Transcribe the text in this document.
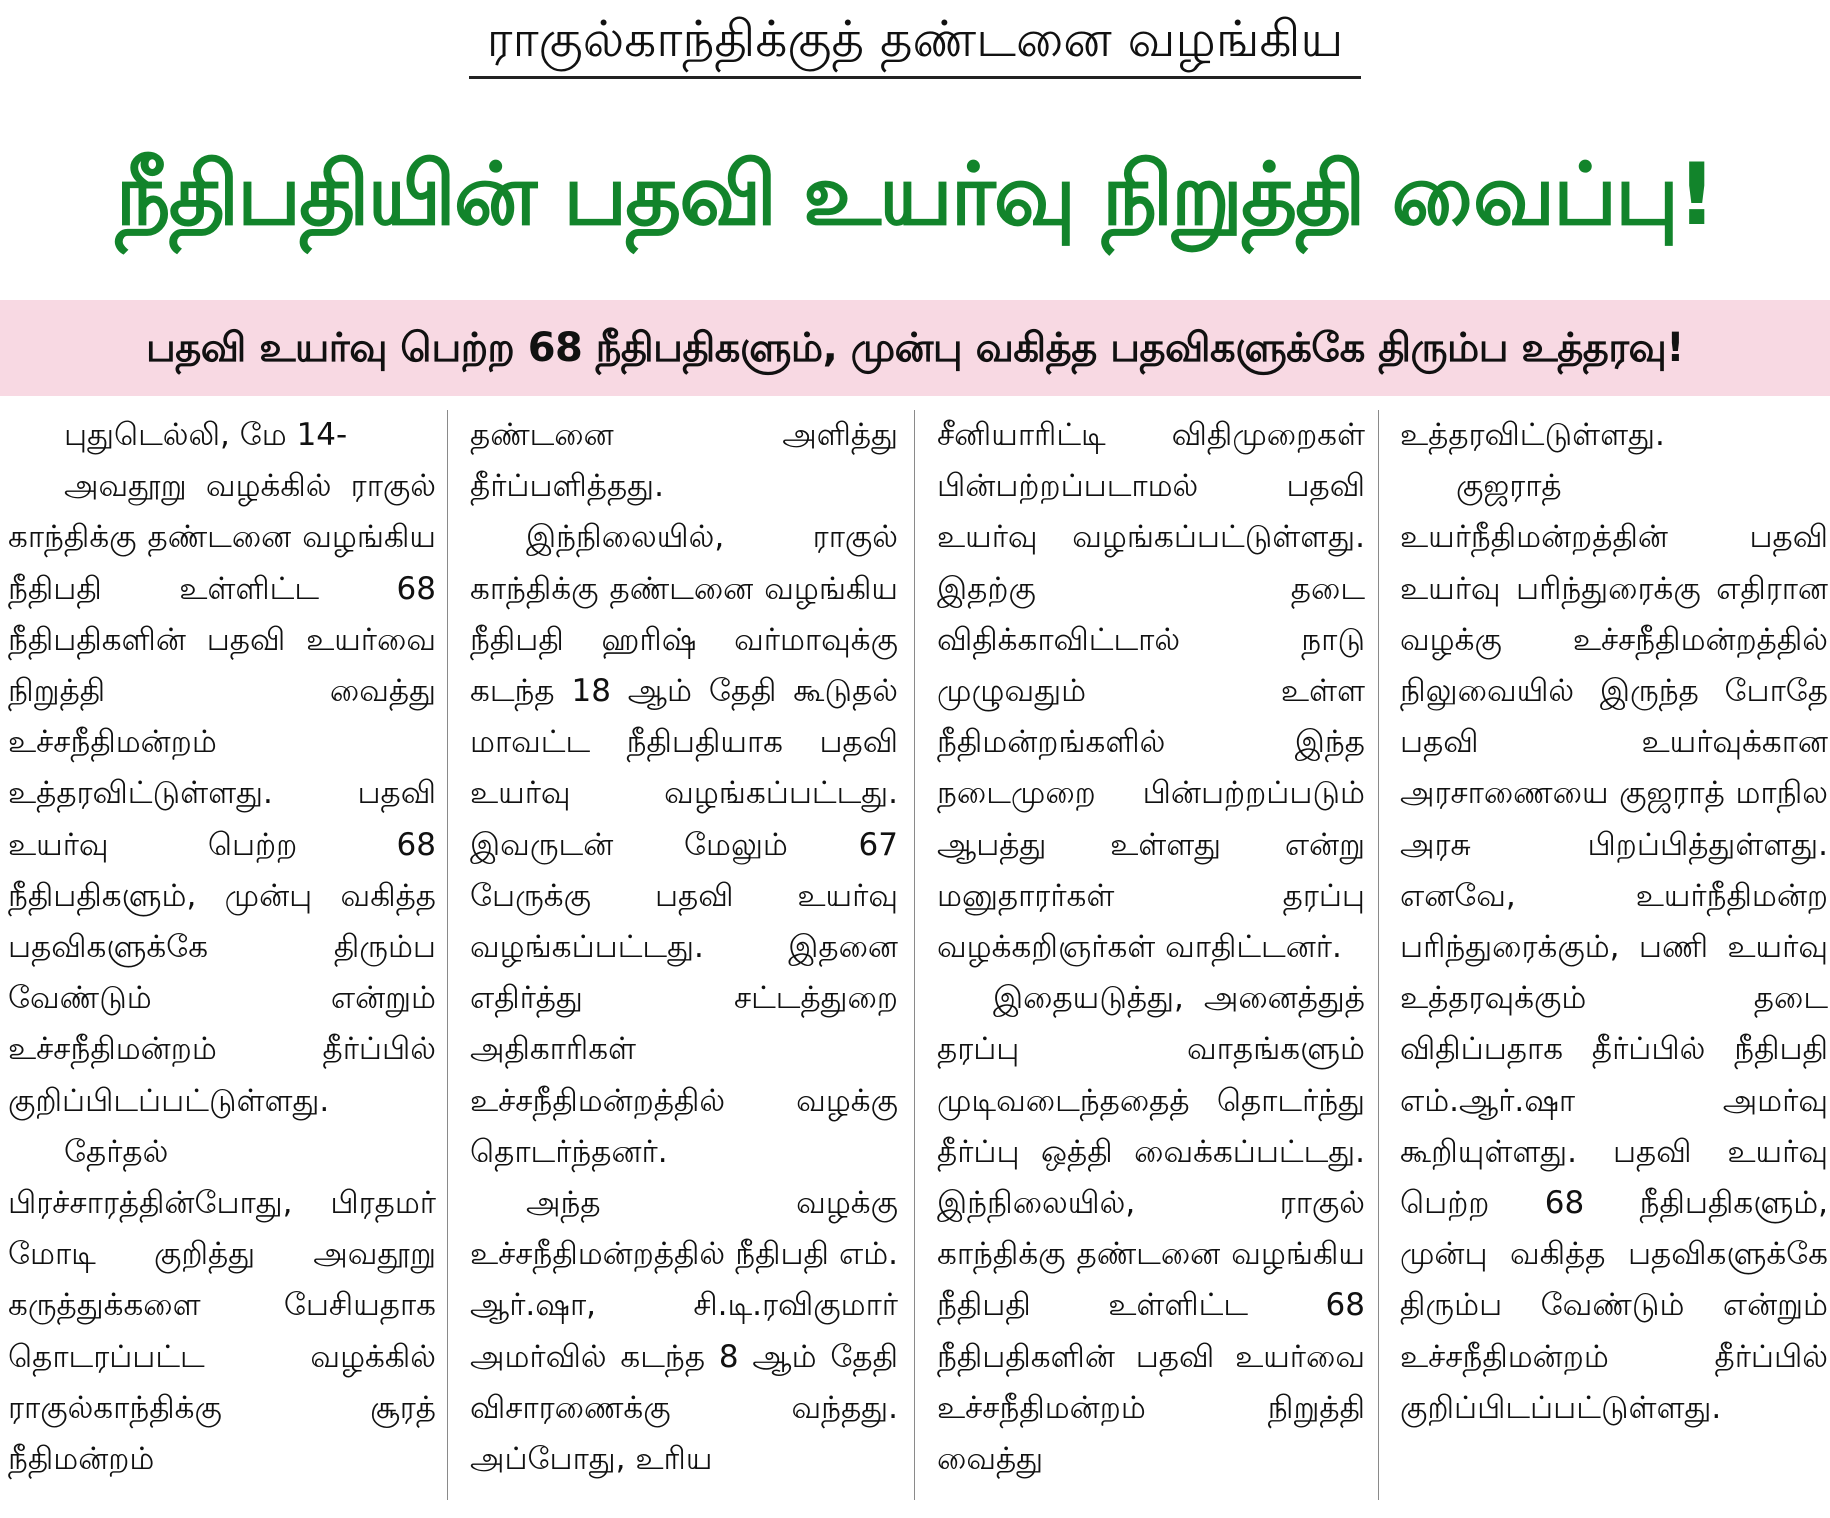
ராகுல்காந்திக்குத் தண்டனை வழங்கிய
நீதிபதியின் பதவி உயர்வு நிறுத்தி வைப்பு!
பதவி உயர்வு பெற்ற 68 நீதிபதிகளும், முன்பு வகித்த பதவிகளுக்கே திரும்ப உத்தரவு!

புதுடெல்லி, மே 14-

அவதூறு வழக்கில் ராகுல் காந்திக்கு தண்டனை வழங்கிய நீதிபதி உள்ளிட்ட 68 நீதிபதிகளின் பதவி உயர்வை நிறுத்தி வைத்து உச்சநீதிமன்றம் உத்தரவிட்டுள்ளது. பதவி உயர்வு பெற்ற 68 நீதிபதிகளும், முன்பு வகித்த பதவிகளுக்கே திரும்ப வேண்டும் என்றும் உச்சநீதிமன்றம் தீர்ப்பில் குறிப்பிடப்பட்டுள்ளது.

தேர்தல் பிரச்சாரத்தின்போது, பிரதமர் மோடி குறித்து அவதூறு கருத்துக்களை பேசியதாக தொடரப்பட்ட வழக்கில் ராகுல்காந்திக்கு சூரத் நீதிமன்றம்

தண்டனை அளித்து தீர்ப்பளித்தது.

இந்நிலையில், ராகுல் காந்திக்கு தண்டனை வழங்கிய நீதிபதி ஹரிஷ் வர்மாவுக்கு கடந்த 18 ஆம் தேதி கூடுதல் மாவட்ட நீதிபதியாக பதவி உயர்வு வழங்கப்பட்டது. இவருடன் மேலும் 67 பேருக்கு பதவி உயர்வு வழங்கப்பட்டது. இதனை எதிர்த்து சட்டத்துறை அதிகாரிகள் உச்சநீதிமன்றத்தில் வழக்கு தொடர்ந்தனர்.

அந்த வழக்கு உச்சநீதிமன்றத்தில் நீதிபதி எம். ஆர்.ஷா, சி.டி.ரவிகுமார் அமர்வில் கடந்த 8 ஆம் தேதி விசாரணைக்கு வந்தது. அப்போது, உரிய

சீனியாரிட்டி விதிமுறைகள் பின்பற்றப்படாமல் பதவி உயர்வு வழங்கப்பட்டுள்ளது. இதற்கு தடை விதிக்காவிட்டால் நாடு முழுவதும் உள்ள நீதிமன்றங்களில் இந்த நடைமுறை பின்பற்றப்படும் ஆபத்து உள்ளது என்று மனுதாரர்கள் தரப்பு வழக்கறிஞர்கள் வாதிட்டனர்.

இதையடுத்து, அனைத்துத் தரப்பு வாதங்களும் முடிவடைந்ததைத் தொடர்ந்து தீர்ப்பு ஒத்தி வைக்கப்பட்டது. இந்நிலையில், ராகுல் காந்திக்கு தண்டனை வழங்கிய நீதிபதி உள்ளிட்ட 68 நீதிபதிகளின் பதவி உயர்வை உச்சநீதிமன்றம் நிறுத்தி வைத்து

உத்தரவிட்டுள்ளது.

குஜராத் உயர்நீதிமன்றத்தின் பதவி உயர்வு பரிந்துரைக்கு எதிரான வழக்கு உச்சநீதிமன்றத்தில் நிலுவையில் இருந்த போதே பதவி உயர்வுக்கான அரசாணையை குஜராத் மாநில அரசு பிறப்பித்துள்ளது. எனவே, உயர்நீதிமன்ற பரிந்துரைக்கும், பணி உயர்வு உத்தரவுக்கும் தடை விதிப்பதாக தீர்ப்பில் நீதிபதி எம்.ஆர்.ஷா அமர்வு கூறியுள்ளது. பதவி உயர்வு பெற்ற 68 நீதிபதிகளும், முன்பு வகித்த பதவிகளுக்கே திரும்ப வேண்டும் என்றும் உச்சநீதிமன்றம் தீர்ப்பில் குறிப்பிடப்பட்டுள்ளது.
